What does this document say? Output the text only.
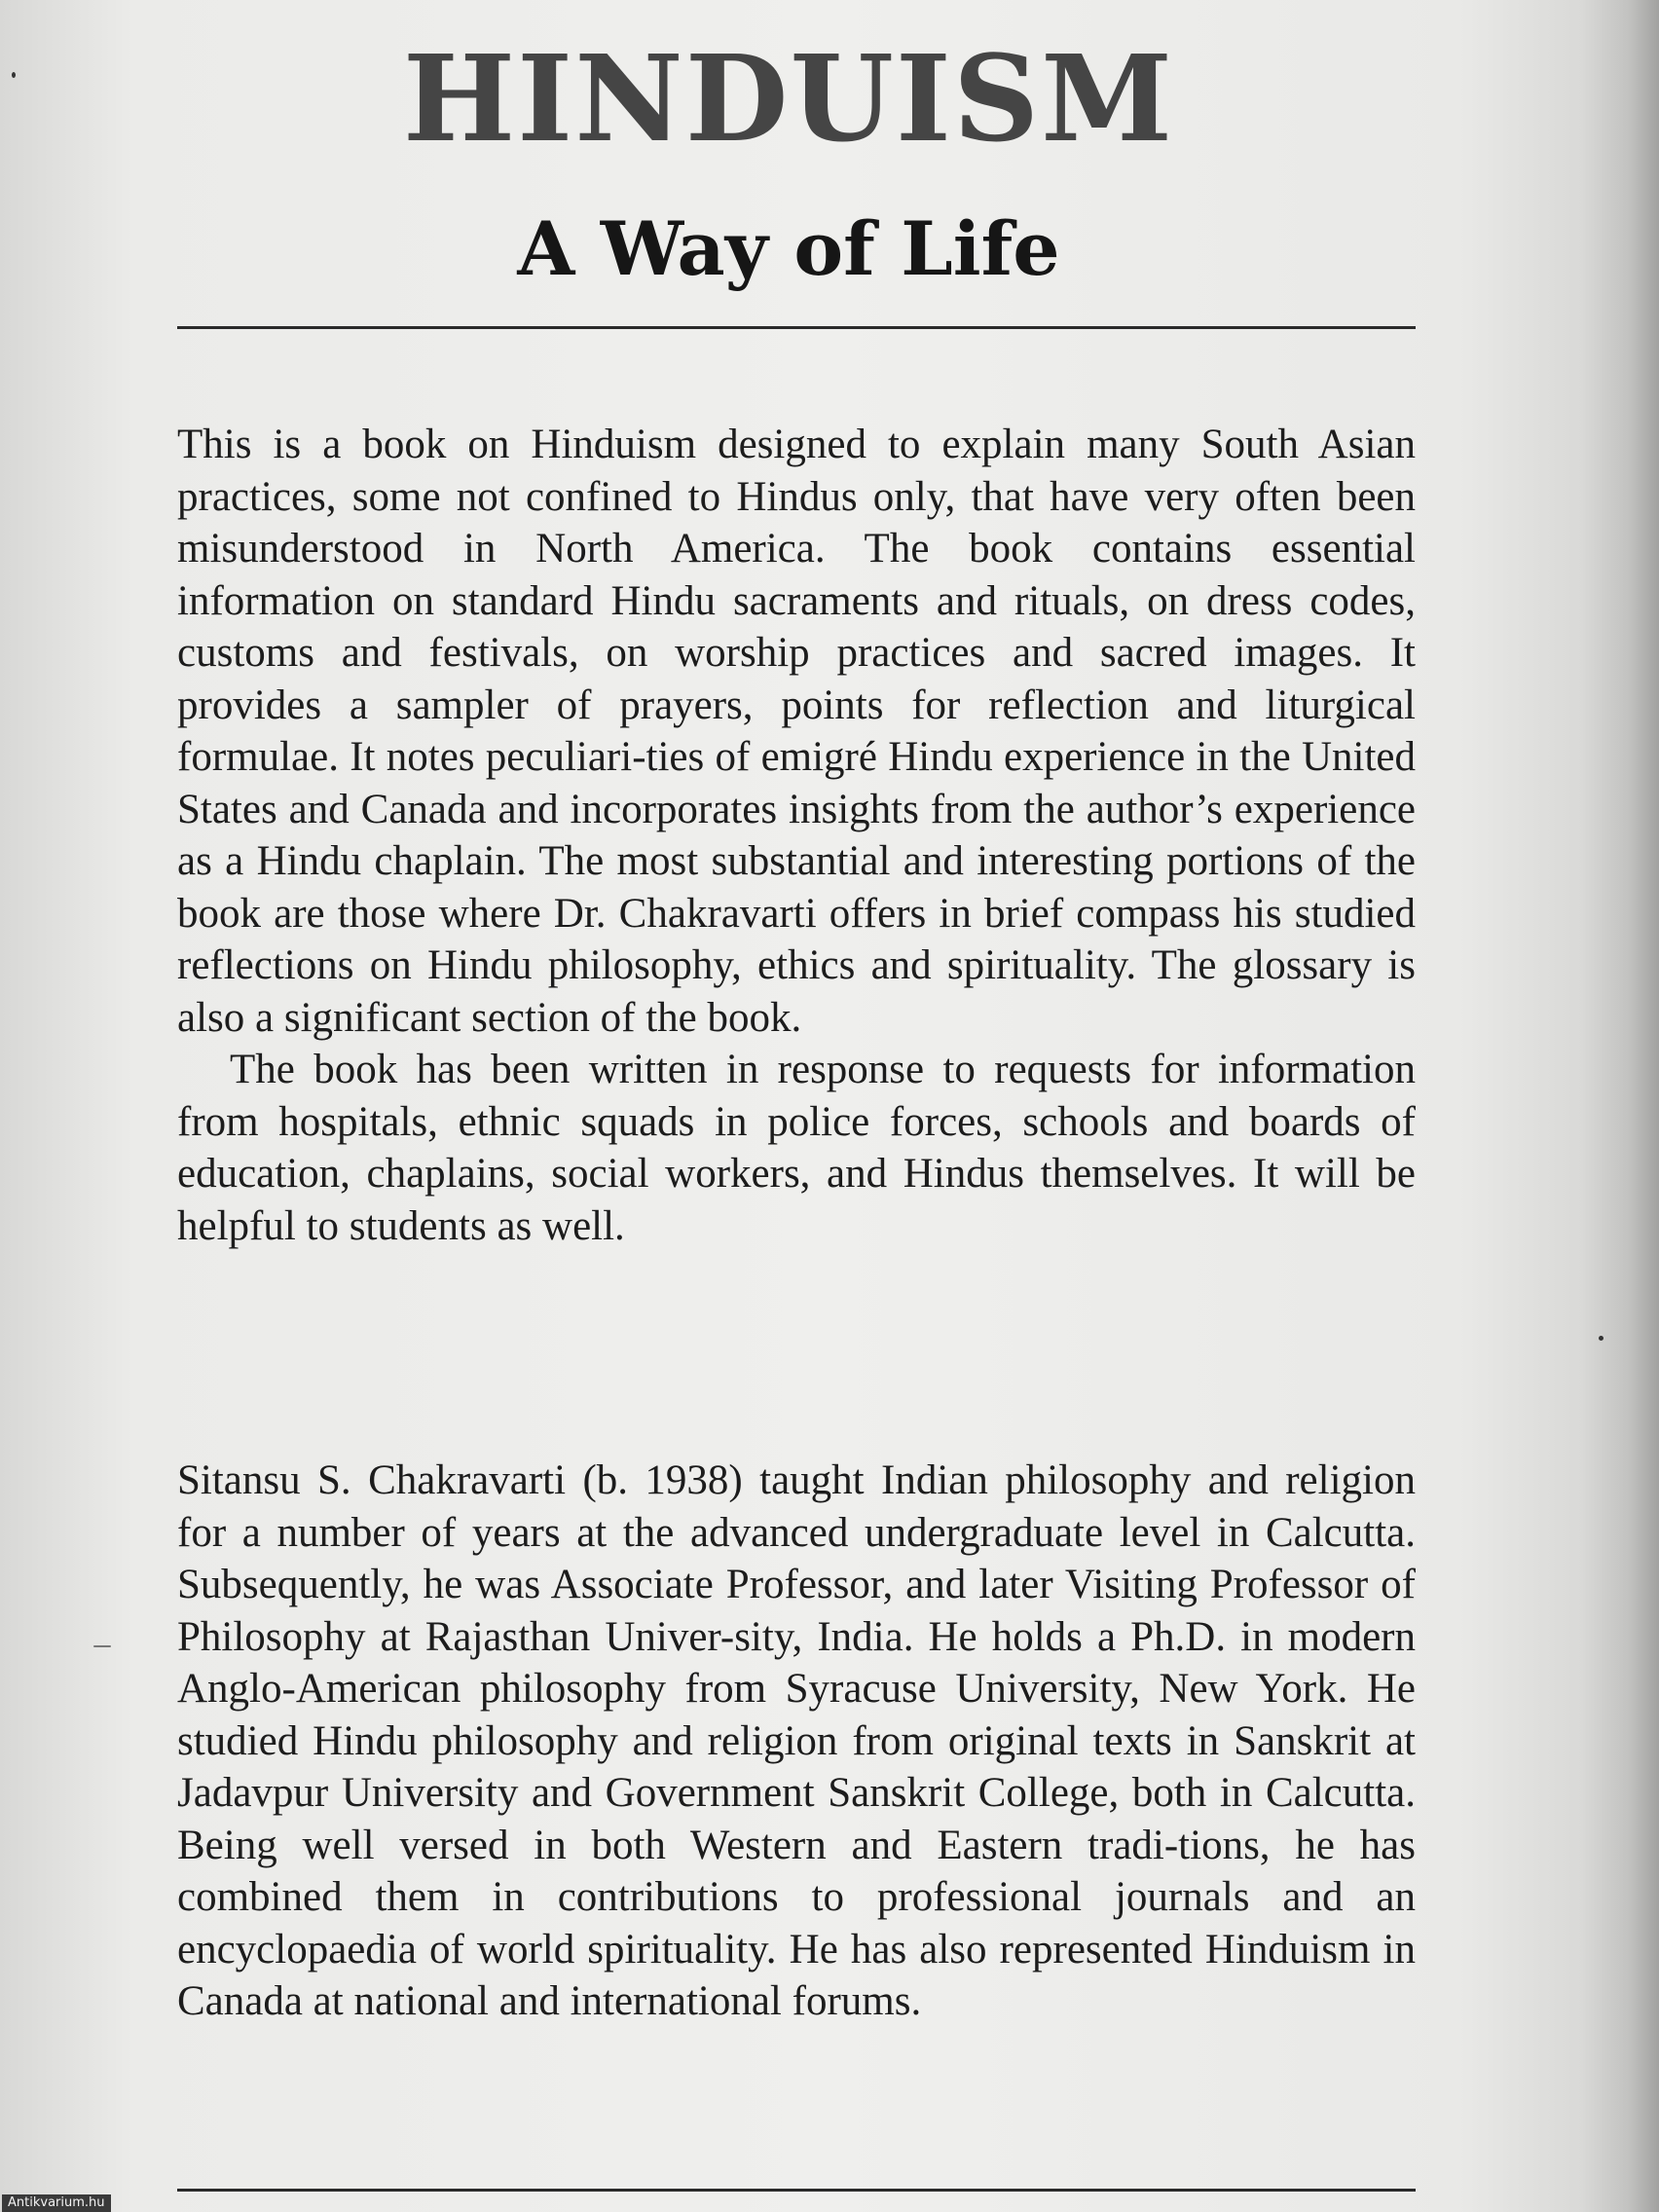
HINDUISM
A Way of Life

This is a book on Hinduism designed to explain many South Asian practices, some not confined to Hindus only, that have very often been misunderstood in North America. The book contains essential information on standard Hindu sacraments and rituals, on dress codes, customs and festivals, on worship practices and sacred images. It provides a sampler of prayers, points for reflection and liturgical formulae. It notes peculiari-ties of emigré Hindu experience in the United States and Canada and incorporates insights from the author’s experience as a Hindu chaplain. The most substantial and interesting portions of the book are those where Dr. Chakravarti offers in brief compass his studied reflections on Hindu philosophy, ethics and spirituality. The glossary is also a significant section of the book.

The book has been written in response to requests for information from hospitals, ethnic squads in police forces, schools and boards of education, chaplains, social workers, and Hindus themselves. It will be helpful to students as well.

Sitansu S. Chakravarti (b. 1938) taught Indian philosophy and religion for a number of years at the advanced undergraduate level in Calcutta. Subsequently, he was Associate Professor, and later Visiting Professor of Philosophy at Rajasthan Univer-sity, India. He holds a Ph.D. in modern Anglo-American philosophy from Syracuse University, New York. He studied Hindu philosophy and religion from original texts in Sanskrit at Jadavpur University and Government Sanskrit College, both in Calcutta. Being well versed in both Western and Eastern tradi-tions, he has combined them in contributions to professional journals and an encyclopaedia of world spirituality. He has also represented Hinduism in Canada at national and international forums.

Antikvarium.hu
